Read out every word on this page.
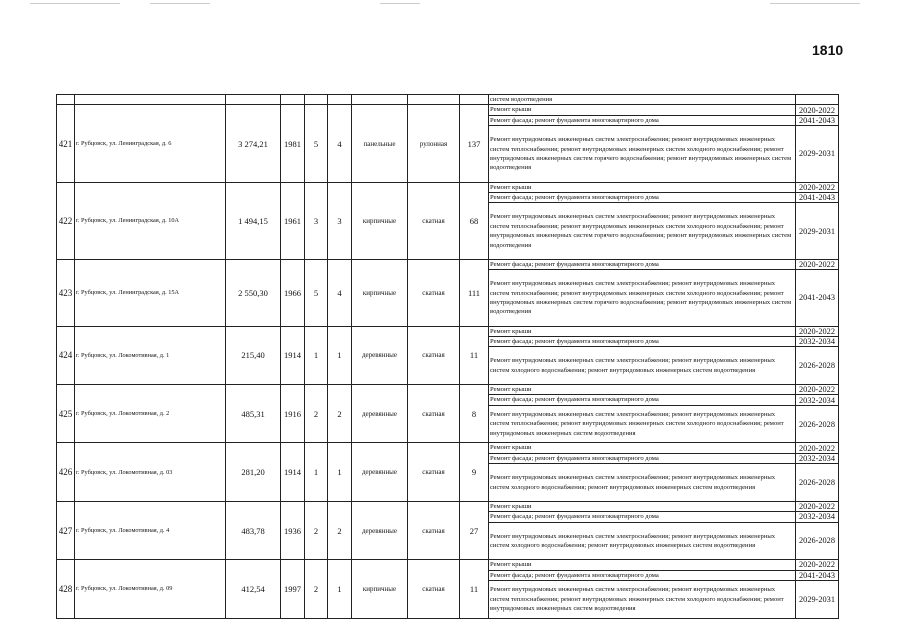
1810
									систем водоотведения	
421	г. Рубцовск, ул. Ленинградская, д. 6	3 274,21	1981	5	4	панельные	рулонная	137	Ремонт крыши	2020-2022
									Ремонт фасада; ремонт фундамента многоквартирного дома	2041-2043
									Ремонт внутридомовых инженерных систем электроснабжения; ремонт внутридомовых инженерных систем теплоснабжения; ремонт внутридомовых инженерных систем холодного водоснабжения; ремонт внутридомовых инженерных систем горячего водоснабжения; ремонт внутридомовых инженерных систем водоотведения	2029-2031
422	г. Рубцовск, ул. Ленинградская, д. 10А	1 494,15	1961	3	3	кирпичные	скатная	68	Ремонт крыши	2020-2022
									Ремонт фасада; ремонт фундамента многоквартирного дома	2041-2043
									Ремонт внутридомовых инженерных систем электроснабжения; ремонт внутридомовых инженерных систем теплоснабжения; ремонт внутридомовых инженерных систем холодного водоснабжения; ремонт внутридомовых инженерных систем горячего водоснабжения; ремонт внутридомовых инженерных систем водоотведения	2029-2031
423	г. Рубцовск, ул. Ленинградская, д. 15А	2 550,30	1966	5	4	кирпичные	скатная	111	Ремонт фасада; ремонт фундамента многоквартирного дома	2020-2022
									Ремонт внутридомовых инженерных систем электроснабжения; ремонт внутридомовых инженерных систем теплоснабжения; ремонт внутридомовых инженерных систем холодного водоснабжения; ремонт внутридомовых инженерных систем горячего водоснабжения; ремонт внутридомовых инженерных систем водоотведения	2041-2043
424	г. Рубцовск, ул. Локомотивная, д. 1	215,40	1914	1	1	деревянные	скатная	11	Ремонт крыши	2020-2022
									Ремонт фасада; ремонт фундамента многоквартирного дома	2032-2034
									Ремонт внутридомовых инженерных систем электроснабжения; ремонт внутридомовых инженерных систем холодного водоснабжения; ремонт внутридомовых инженерных систем водоотведения	2026-2028
425	г. Рубцовск, ул. Локомотивная, д. 2	485,31	1916	2	2	деревянные	скатная	8	Ремонт крыши	2020-2022
									Ремонт фасада; ремонт фундамента многоквартирного дома	2032-2034
									Ремонт внутридомовых инженерных систем электроснабжения; ремонт внутридомовых инженерных систем теплоснабжения; ремонт внутридомовых инженерных систем холодного водоснабжения; ремонт внутридомовых инженерных систем водоотведения	2026-2028
426	г. Рубцовск, ул. Локомотивная, д. 03	281,20	1914	1	1	деревянные	скатная	9	Ремонт крыши	2020-2022
									Ремонт фасада; ремонт фундамента многоквартирного дома	2032-2034
									Ремонт внутридомовых инженерных систем электроснабжения; ремонт внутридомовых инженерных систем холодного водоснабжения; ремонт внутридомовых инженерных систем водоотведения	2026-2028
427	г. Рубцовск, ул. Локомотивная, д. 4	483,78	1936	2	2	деревянные	скатная	27	Ремонт крыши	2020-2022
									Ремонт фасада; ремонт фундамента многоквартирного дома	2032-2034
									Ремонт внутридомовых инженерных систем электроснабжения; ремонт внутридомовых инженерных систем холодного водоснабжения; ремонт внутридомовых инженерных систем водоотведения	2026-2028
428	г. Рубцовск, ул. Локомотивная, д. 09	412,54	1997	2	1	кирпичные	скатная	11	Ремонт крыши	2020-2022
									Ремонт фасада; ремонт фундамента многоквартирного дома	2041-2043
									Ремонт внутридомовых инженерных систем электроснабжения; ремонт внутридомовых инженерных систем теплоснабжения; ремонт внутридомовых инженерных систем холодного водоснабжения; ремонт внутридомовых инженерных систем водоотведения	2029-2031
